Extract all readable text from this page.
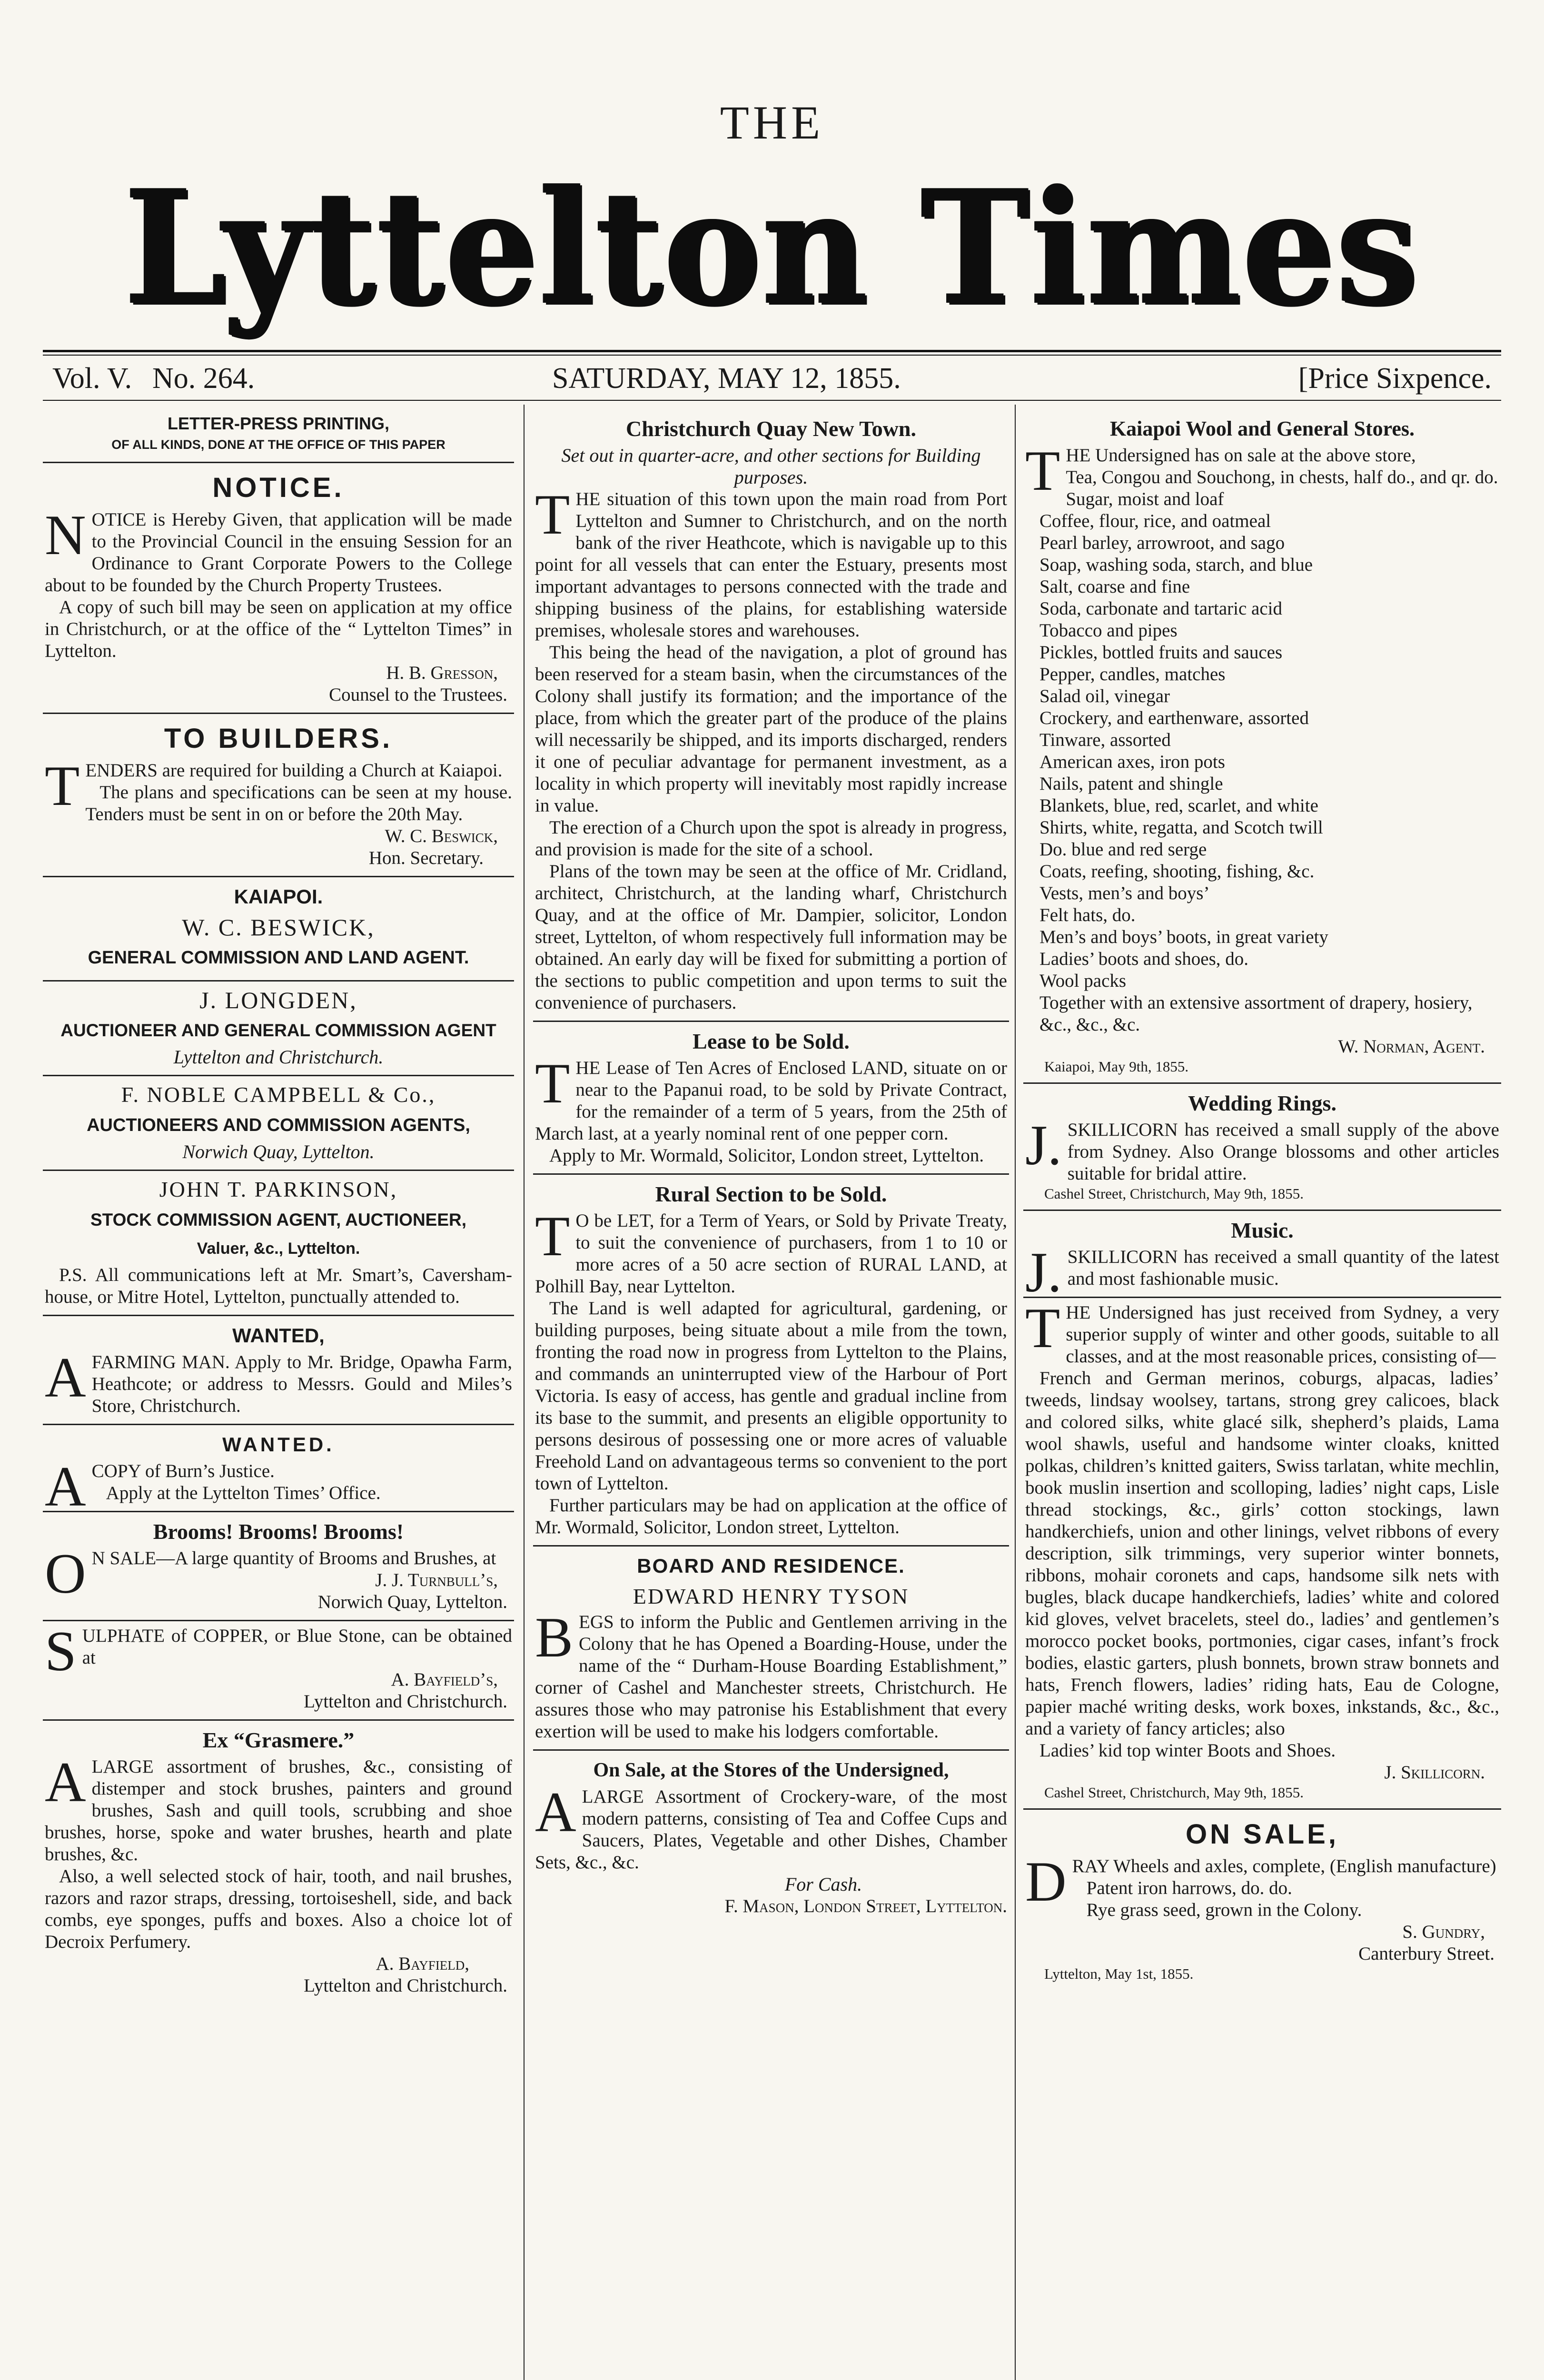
THE
Lyttelton Times
Vol. V. No. 264.	SATURDAY, MAY 12, 1855.	[Price Sixpence.
LETTER-PRESS PRINTING,
OF ALL KINDS, DONE AT THE OFFICE OF THIS PAPER
NOTICE.

NOTICE is Hereby Given, that application will be made to the Provincial Council in the ensuing Session for an Ordinance to Grant Corporate Powers to the College about to be founded by the Church Property Trustees.

A copy of such bill may be seen on application at my office in Christchurch, or at the office of the “ Lyttelton Times” in Lyttelton.

H. B. Gresson,
Counsel to the Trustees.
TO BUILDERS.

TENDERS are required for building a Church at Kaiapoi.

The plans and specifications can be seen at my house. Tenders must be sent in on or before the 20th May.

W. C. Beswick,
Hon. Secretary.
KAIAPOI.
W. C. BESWICK,
GENERAL COMMISSION AND LAND AGENT.
J. LONGDEN,
AUCTIONEER AND GENERAL COMMISSION AGENT
Lyttelton and Christchurch.
F. NOBLE CAMPBELL & Co.,
AUCTIONEERS AND COMMISSION AGENTS,
Norwich Quay, Lyttelton.
JOHN T. PARKINSON,
STOCK COMMISSION AGENT, AUCTIONEER,
Valuer, &c., Lyttelton.

P.S. All communications left at Mr. Smart’s, Caversham-house, or Mitre Hotel, Lyttelton, punctually attended to.

WANTED,

AFARMING MAN. Apply to Mr. Bridge, Opawha Farm, Heathcote; or address to Messrs. Gould and Miles’s Store, Christchurch.

WANTED.

ACOPY of Burn’s Justice.

Apply at the Lyttelton Times’ Office.

Brooms! Brooms! Brooms!

ON SALE—A large quantity of Brooms and Brushes, at

J. J. Turnbull’s,
Norwich Quay, Lyttelton.

SULPHATE of COPPER, or Blue Stone, can be obtained at

A. Bayfield’s,
Lyttelton and Christchurch.
Ex “Grasmere.”

ALARGE assortment of brushes, &c., consisting of distemper and stock brushes, painters and ground brushes, Sash and quill tools, scrubbing and shoe brushes, horse, spoke and water brushes, hearth and plate brushes, &c.

Also, a well selected stock of hair, tooth, and nail brushes, razors and razor straps, dressing, tortoiseshell, side, and back combs, eye sponges, puffs and boxes. Also a choice lot of Decroix Perfumery.

A. Bayfield,
Lyttelton and Christchurch.
Christchurch Quay New Town.
Set out in quarter-acre, and other sections for Building purposes.

THE situation of this town upon the main road from Port Lyttelton and Sumner to Christchurch, and on the north bank of the river Heathcote, which is navigable up to this point for all vessels that can enter the Estuary, presents most important advantages to persons connected with the trade and shipping business of the plains, for establishing waterside premises, wholesale stores and warehouses.

This being the head of the navigation, a plot of ground has been reserved for a steam basin, when the circumstances of the Colony shall justify its formation; and the importance of the place, from which the greater part of the produce of the plains will necessarily be shipped, and its imports discharged, renders it one of peculiar advantage for permanent investment, as a locality in which property will inevitably most rapidly increase in value.

The erection of a Church upon the spot is already in progress, and provision is made for the site of a school.

Plans of the town may be seen at the office of Mr. Cridland, architect, Christchurch, at the landing wharf, Christchurch Quay, and at the office of Mr. Dampier, solicitor, London street, Lyttelton, of whom respectively full information may be obtained. An early day will be fixed for submitting a portion of the sections to public competition and upon terms to suit the convenience of purchasers.

Lease to be Sold.

THE Lease of Ten Acres of Enclosed LAND, situate on or near to the Papanui road, to be sold by Private Contract, for the remainder of a term of 5 years, from the 25th of March last, at a yearly nominal rent of one pepper corn.

Apply to Mr. Wormald, Solicitor, London street, Lyttelton.

Rural Section to be Sold.

TO be LET, for a Term of Years, or Sold by Private Treaty, to suit the convenience of purchasers, from 1 to 10 or more acres of a 50 acre section of RURAL LAND, at Polhill Bay, near Lyttelton.

The Land is well adapted for agricultural, gardening, or building purposes, being situate about a mile from the town, fronting the road now in progress from Lyttelton to the Plains, and commands an uninterrupted view of the Harbour of Port Victoria. Is easy of access, has gentle and gradual incline from its base to the summit, and presents an eligible opportunity to persons desirous of possessing one or more acres of valuable Freehold Land on advantageous terms so convenient to the port town of Lyttelton.

Further particulars may be had on application at the office of Mr. Wormald, Solicitor, London street, Lyttelton.

BOARD AND RESIDENCE.
EDWARD HENRY TYSON

BEGS to inform the Public and Gentlemen arriving in the Colony that he has Opened a Boarding-House, under the name of the “ Durham-House Boarding Establishment,” corner of Cashel and Manchester streets, Christchurch. He assures those who may patronise his Establishment that every exertion will be used to make his lodgers comfortable.

On Sale, at the Stores of the Undersigned,

ALARGE Assortment of Crockery-ware, of the most modern patterns, consisting of Tea and Coffee Cups and Saucers, Plates, Vegetable and other Dishes, Chamber Sets, &c., &c.

For Cash.
F. Mason, London Street, Lyttelton.
Kaiapoi Wool and General Stores.

THE Undersigned has on sale at the above store,

Tea, Congou and Souchong, in chests, half do., and qr. do.
Sugar, moist and loaf
Coffee, flour, rice, and oatmeal
Pearl barley, arrowroot, and sago
Soap, washing soda, starch, and blue
Salt, coarse and fine
Soda, carbonate and tartaric acid
Tobacco and pipes
Pickles, bottled fruits and sauces
Pepper, candles, matches
Salad oil, vinegar
Crockery, and earthenware, assorted
Tinware, assorted
American axes, iron pots
Nails, patent and shingle
Blankets, blue, red, scarlet, and white
Shirts, white, regatta, and Scotch twill
Do. blue and red serge
Coats, reefing, shooting, fishing, &c.
Vests, men’s and boys’
Felt hats, do.
Men’s and boys’ boots, in great variety
Ladies’ boots and shoes, do.
Wool packs
Together with an extensive assortment of drapery, hosiery, &c., &c., &c.
W. Norman, Agent.
Kaiapoi, May 9th, 1855.
Wedding Rings.

J.SKILLICORN has received a small supply of the above from Sydney. Also Orange blossoms and other articles suitable for bridal attire.

Cashel Street, Christchurch, May 9th, 1855.
Music.

J.SKILLICORN has received a small quantity of the latest and most fashionable music.

THE Undersigned has just received from Sydney, a very superior supply of winter and other goods, suitable to all classes, and at the most reasonable prices, consisting of—

French and German merinos, coburgs, alpacas, ladies’ tweeds, lindsay woolsey, tartans, strong grey calicoes, black and colored silks, white glacé silk, shepherd’s plaids, Lama wool shawls, useful and handsome winter cloaks, knitted polkas, children’s knitted gaiters, Swiss tarlatan, white mechlin, book muslin insertion and scolloping, ladies’ night caps, Lisle thread stockings, &c., girls’ cotton stockings, lawn handkerchiefs, union and other linings, velvet ribbons of every description, silk trimmings, very superior winter bonnets, ribbons, mohair coronets and caps, handsome silk nets with bugles, black ducape handkerchiefs, ladies’ white and colored kid gloves, velvet bracelets, steel do., ladies’ and gentlemen’s morocco pocket books, portmonies, cigar cases, infant’s frock bodies, elastic garters, plush bonnets, brown straw bonnets and hats, French flowers, ladies’ riding hats, Eau de Cologne, papier maché writing desks, work boxes, inkstands, &c., &c., and a variety of fancy articles; also

Ladies’ kid top winter Boots and Shoes.

J. Skillicorn.
Cashel Street, Christchurch, May 9th, 1855.
ON SALE,

DRAY Wheels and axles, complete, (English manufacture)

Patent iron harrows, do. do.

Rye grass seed, grown in the Colony.

S. Gundry,
Canterbury Street.
Lyttelton, May 1st, 1855.
